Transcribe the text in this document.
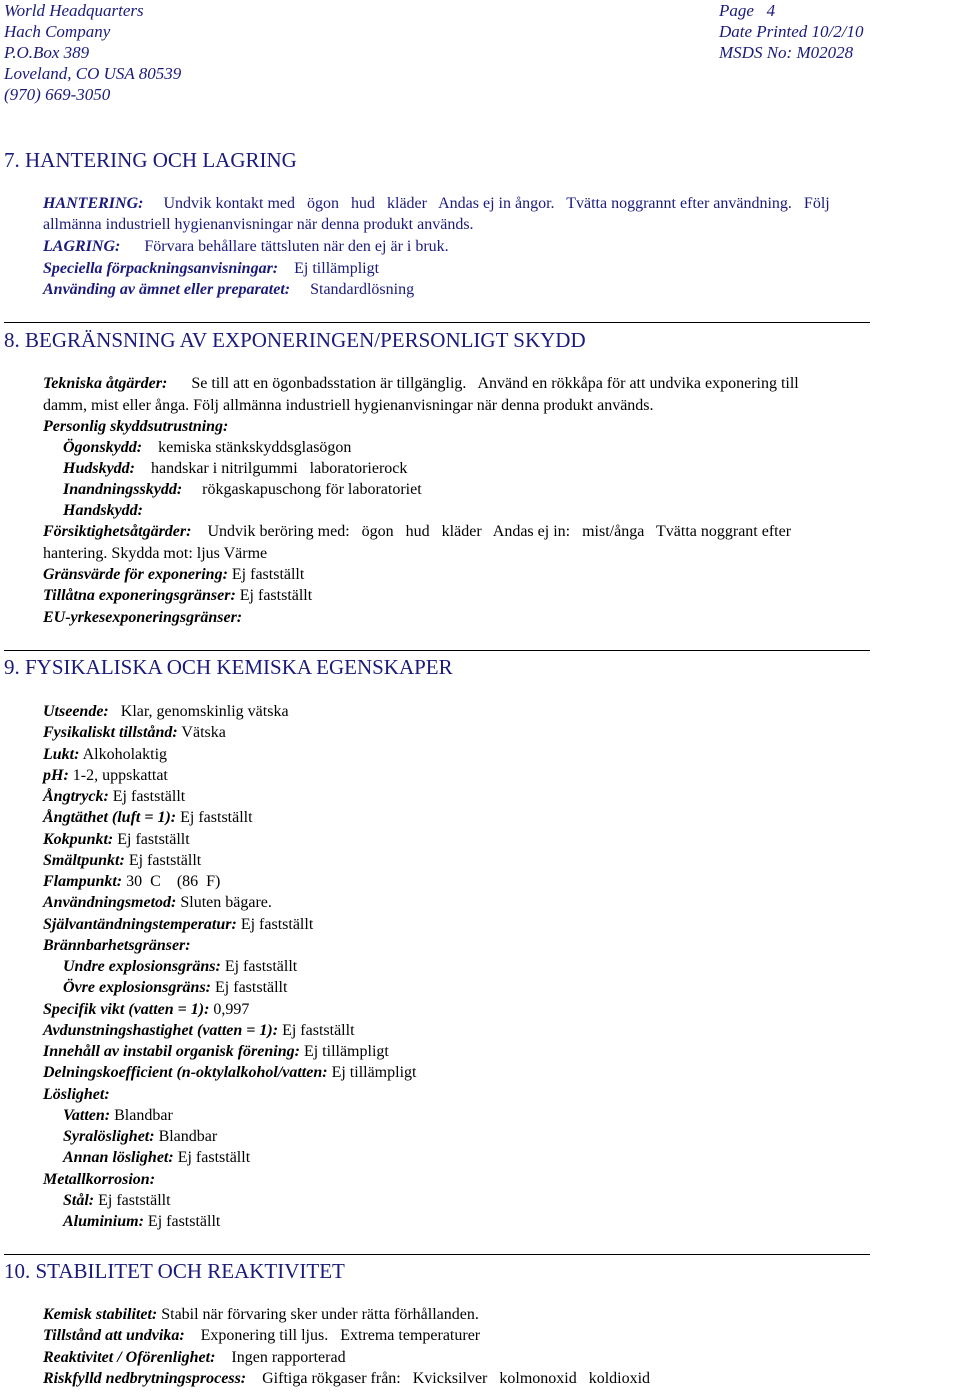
World Headquarters
Hach Company
P.O.Box 389
Loveland, CO USA 80539
(970) 669-3050
Page   4
Date Printed 10/2/10
MSDS No: M02028
7. HANTERING OCH LAGRING
HANTERING: Undvik kontakt med   ögon   hud   kläder   Andas ej in ångor.   Tvätta noggrannt efter användning.   Följ
allmänna industriell hygienanvisningar när denna produkt används.
LAGRING: Förvara behållare tättsluten när den ej är i bruk.
Speciella förpackningsanvisningar: Ej tillämpligt
Använding av ämnet eller preparatet: Standardlösning
8. BEGRÄNSNING AV EXPONERINGEN/PERSONLIGT SKYDD
Tekniska åtgärder: Se till att en ögonbadsstation är tillgänglig.   Använd en rökkåpa för att undvika exponering till
damm, mist eller ånga. Följ allmänna industriell hygienanvisningar när denna produkt används.
Personlig skyddsutrustning:
Ögonskydd: kemiska stänkskyddsglasögon
Hudskydd: handskar i nitrilgummi   laboratorierock
Inandningsskydd: rökgaskapuschong för laboratoriet
Handskydd:
Försiktighetsåtgärder: Undvik beröring med:   ögon   hud   kläder   Andas ej in:   mist/ånga   Tvätta noggrant efter
hantering. Skydda mot: ljus Värme
Gränsvärde för exponering: Ej fastställt
Tillåtna exponeringsgränser: Ej fastställt
EU-yrkesexponeringsgränser:
9. FYSIKALISKA OCH KEMISKA EGENSKAPER
Utseende:   Klar, genomskinlig vätska
Fysikaliskt tillstånd: Vätska
Lukt: Alkoholaktig
pH: 1-2, uppskattat
Ångtryck: Ej fastställt
Ångtäthet (luft = 1): Ej fastställt
Kokpunkt: Ej fastställt
Smältpunkt: Ej fastställt
Flampunkt: 30  C    (86  F)
Användningsmetod: Sluten bägare.
Självantändningstemperatur: Ej fastställt
Brännbarhetsgränser:
Undre explosionsgräns: Ej fastställt
Övre explosionsgräns: Ej fastställt
Specifik vikt (vatten = 1): 0,997
Avdunstningshastighet (vatten = 1): Ej fastställt
Innehåll av instabil organisk förening: Ej tillämpligt
Delningskoefficient (n-oktylalkohol/vatten: Ej tillämpligt
Löslighet:
Vatten: Blandbar
Syralöslighet: Blandbar
Annan löslighet: Ej fastställt
Metallkorrosion:
Stål: Ej fastställt
Aluminium: Ej fastställt
10. STABILITET OCH REAKTIVITET
Kemisk stabilitet: Stabil när förvaring sker under rätta förhållanden.
Tillstånd att undvika:    Exponering till ljus.   Extrema temperaturer
Reaktivitet / Oförenlighet:    Ingen rapporterad
Riskfylld nedbrytningsprocess:    Giftiga rökgaser från:   Kvicksilver   kolmonoxid   koldioxid
